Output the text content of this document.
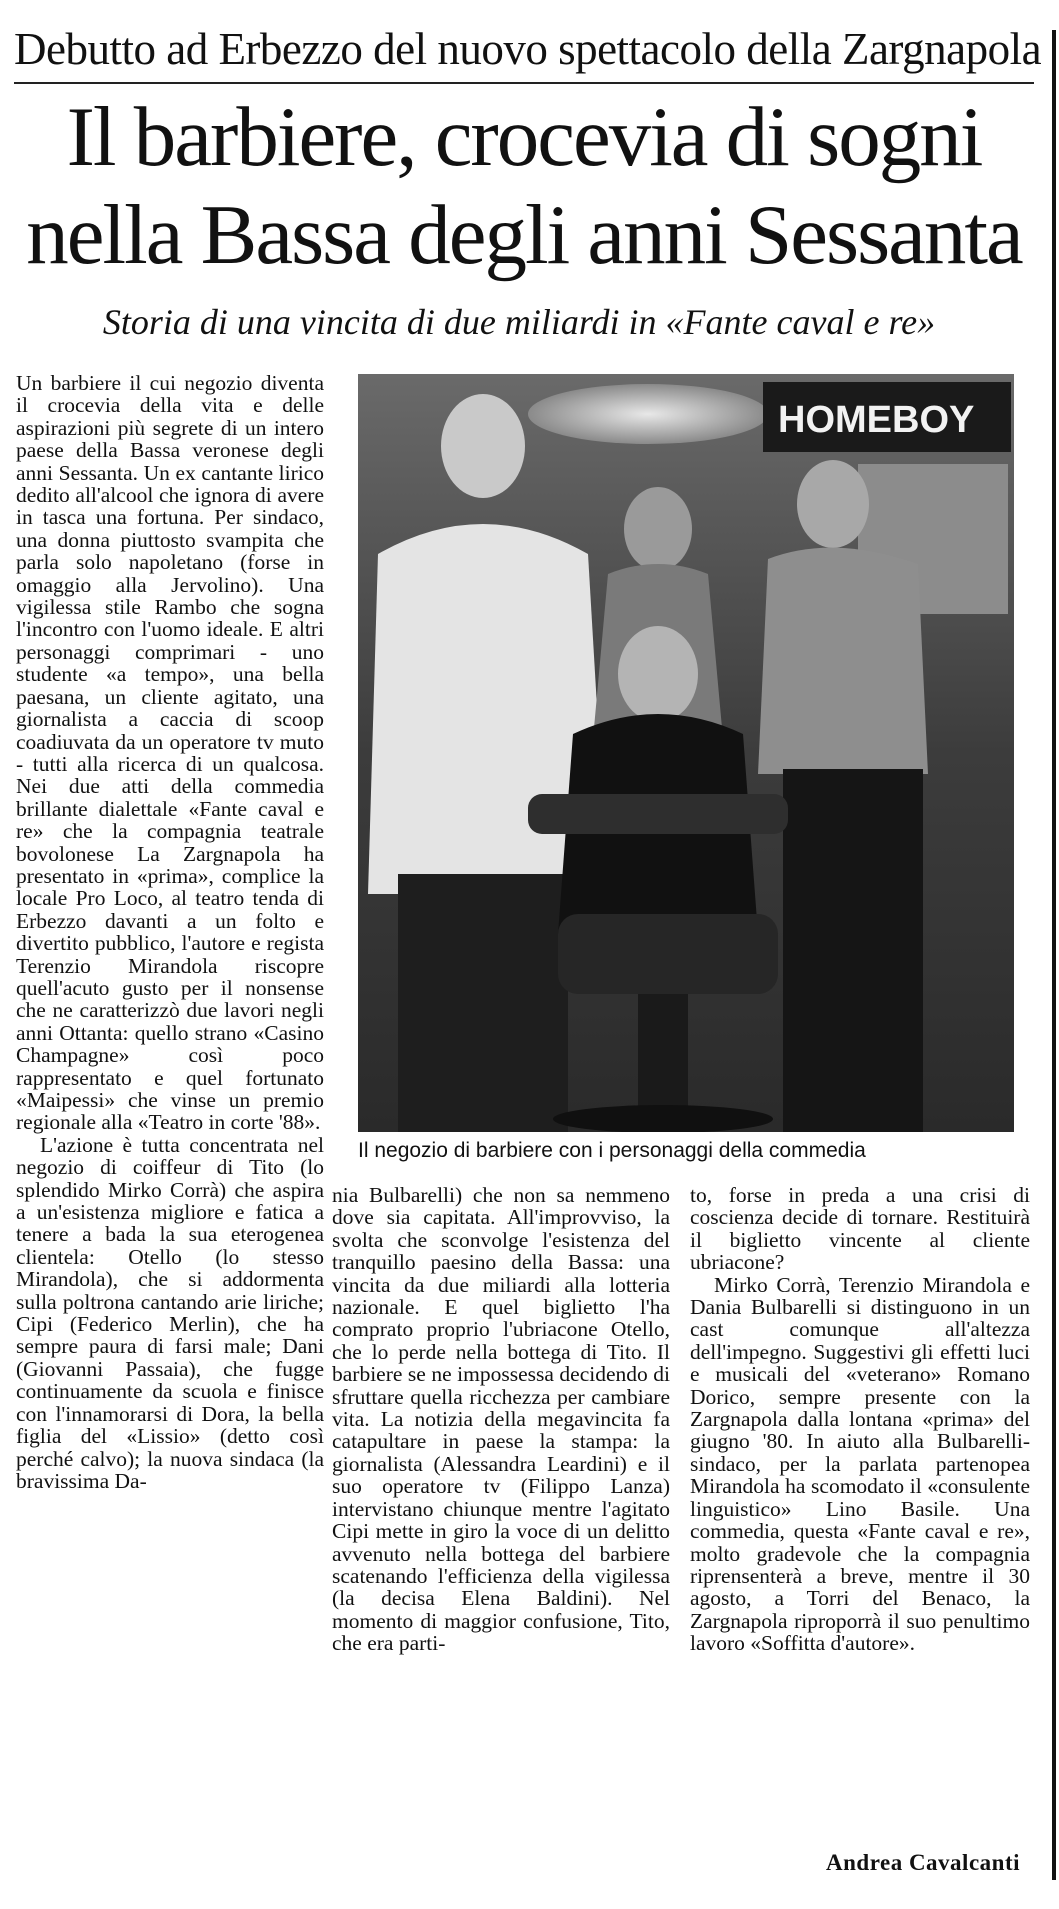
Debutto ad Erbezzo del nuovo spettacolo della Zargnapola
Il barbiere, crocevia di sogni
nella Bassa degli anni Sessanta
Storia di una vincita di due miliardi in «Fante caval e re»

Un barbiere il cui negozio diventa il crocevia della vita e delle aspirazioni più segrete di un intero paese della Bassa veronese degli anni Sessanta. Un ex cantante lirico dedito all'alcool che ignora di avere in tasca una fortuna. Per sindaco, una donna piuttosto svampita che parla solo napoletano (forse in omaggio alla Jervolino). Una vigilessa stile Rambo che sogna l'incontro con l'uomo ideale. E altri personaggi comprimari - uno studente «a tempo», una bella paesana, un cliente agitato, una giornalista a caccia di scoop coadiuvata da un operatore tv muto - tutti alla ricerca di un qualcosa. Nei due atti della commedia brillante dialettale «Fante caval e re» che la compagnia teatrale bovolonese La Zargnapola ha presentato in «prima», complice la locale Pro Loco, al teatro tenda di Erbezzo davanti a un folto e divertito pubblico, l'autore e regista Terenzio Mirandola riscopre quell'acuto gusto per il nonsense che ne caratterizzò due lavori negli anni Ottanta: quello strano «Casino Champagne» così poco rappresentato e quel fortunato «Maipessi» che vinse un premio regionale alla «Teatro in corte '88».

L'azione è tutta concentrata nel negozio di coiffeur di Tito (lo splendido Mirko Corrà) che aspira a un'esistenza migliore e fatica a tenere a bada la sua eterogenea clientela: Otello (lo stesso Mirandola), che si addormenta sulla poltrona cantando arie liriche; Cipi (Federico Merlin), che ha sempre paura di farsi male; Dani (Giovanni Passaia), che fugge continuamente da scuola e finisce con l'innamorarsi di Dora, la bella figlia del «Lissio» (detto così perché calvo); la nuova sindaca (la bravissima Da-

HOMEBOY
Il negozio di barbiere con i personaggi della commedia

nia Bulbarelli) che non sa nemmeno dove sia capitata. All'improvviso, la svolta che sconvolge l'esistenza del tranquillo paesino della Bassa: una vincita da due miliardi alla lotteria nazionale. E quel biglietto l'ha comprato proprio l'ubriacone Otello, che lo perde nella bottega di Tito. Il barbiere se ne impossessa decidendo di sfruttare quella ricchezza per cambiare vita. La notizia della megavincita fa catapultare in paese la stampa: la giornalista (Alessandra Leardini) e il suo operatore tv (Filippo Lanza) intervistano chiunque mentre l'agitato Cipi mette in giro la voce di un delitto avvenuto nella bottega del barbiere scatenando l'efficienza della vigilessa (la decisa Elena Baldini). Nel momento di maggior confusione, Tito, che era parti-

to, forse in preda a una crisi di coscienza decide di tornare. Restituirà il biglietto vincente al cliente ubriacone?

Mirko Corrà, Terenzio Mirandola e Dania Bulbarelli si distinguono in un cast comunque all'altezza dell'impegno. Suggestivi gli effetti luci e musicali del «veterano» Romano Dorico, sempre presente con la Zargnapola dalla lontana «prima» del giugno '80. In aiuto alla Bulbarelli-sindaco, per la parlata partenopea Mirandola ha scomodato il «consulente linguistico» Lino Basile. Una commedia, questa «Fante caval e re», molto gradevole che la compagnia riprensenterà a breve, mentre il 30 agosto, a Torri del Benaco, la Zargnapola riproporrà il suo penultimo lavoro «Soffitta d'autore».

Andrea Cavalcanti
